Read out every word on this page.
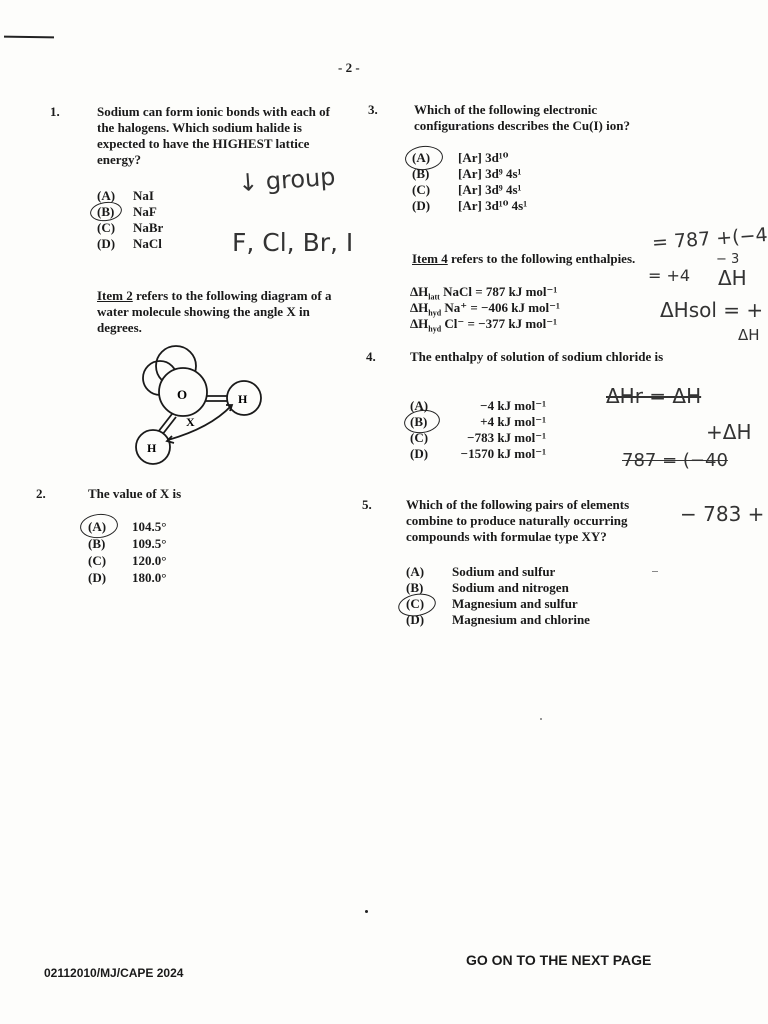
- 2 -
1.	Sodium can form ionic bonds with each of the halogens. Which sodium halide is expected to have the HIGHEST lattice energy?
(A) NaI
(B) NaF
(C) NaBr
(D) NaCl
↓ group
F, Cl, Br, I
Item 2 refers to the following diagram of a water molecule showing the angle X in degrees.
O	H
H
X
2.	The value of X is
(A) 104.5°
(B) 109.5°
(C) 120.0°
(D) 180.0°
3.	Which of the following electronic configurations describes the Cu(I) ion?
(A) [Ar] 3d¹⁰
(B) [Ar] 3d⁹ 4s¹
(C) [Ar] 3d⁹ 4s¹
(D) [Ar] 3d¹⁰ 4s¹
Item 4 refers to the following enthalpies.
$\Delta H_{latt}$ NaCl = 787 kJ mol⁻¹
$\Delta H_{hyd}$ Na⁺ = −406 kJ mol⁻¹
$\Delta H_{hyd}$ Cl⁻ = −377 kJ mol⁻¹
4.	The enthalpy of solution of sodium chloride is
(A)	−4 kJ mol⁻¹
(B)	+4 kJ mol⁻¹
(C)	−783 kJ mol⁻¹
(D)	−1570 kJ mol⁻¹
5.	Which of the following pairs of elements combine to produce naturally occurring compounds with formulae type XY?
(A) Sodium and sulfur
(B) Sodium and nitrogen
(C) Magnesium and sulfur
(D) Magnesium and chlorine
= 787 +(−4
− 3
= +4 ΔH
ΔHsol = +
ΔH
ΔHr = ΔH
+ΔH
787 = (−40
− 783 +
GO ON TO THE NEXT PAGE
02112010/MJ/CAPE 2024
